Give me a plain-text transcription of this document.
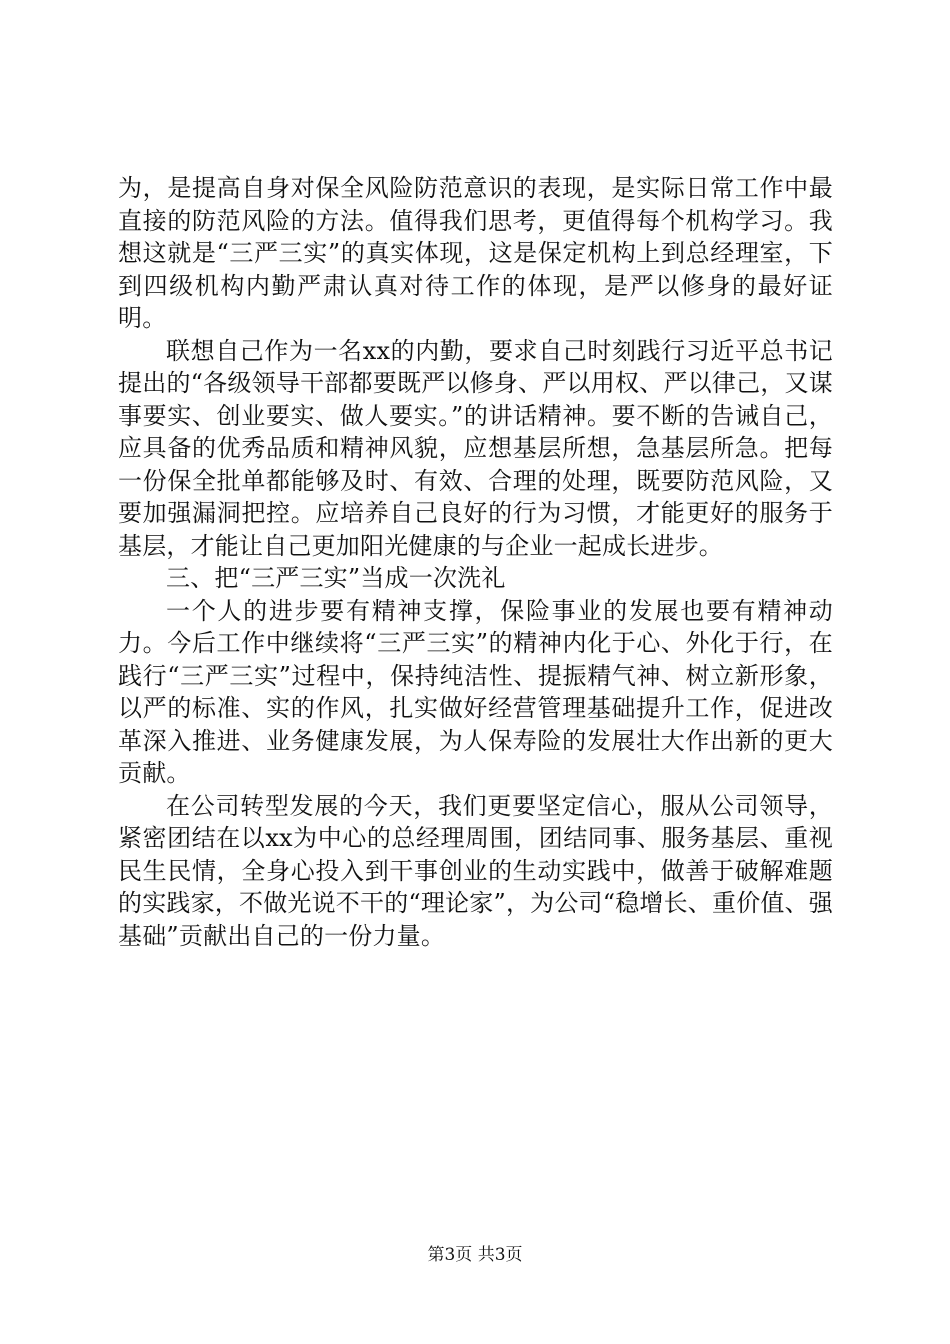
为，是提高自身对保全风险防范意识的表现，是实际日常工作中最直接的防范风险的方法。值得我们思考，更值得每个机构学习。我想这就是“三严三实”的真实体现，这是保定机构上到总经理室，下到四级机构内勤严肃认真对待工作的体现，是严以修身的最好证明。

联想自己作为一名xx的内勤，要求自己时刻践行习近平总书记提出的“各级领导干部都要既严以修身、严以用权、严以律己，又谋事要实、创业要实、做人要实。”的讲话精神。要不断的告诫自己，应具备的优秀品质和精神风貌，应想基层所想，急基层所急。把每一份保全批单都能够及时、有效、合理的处理，既要防范风险，又要加强漏洞把控。应培养自己良好的行为习惯，才能更好的服务于基层，才能让自己更加阳光健康的与企业一起成长进步。

三、把“三严三实”当成一次洗礼

一个人的进步要有精神支撑，保险事业的发展也要有精神动力。今后工作中继续将“三严三实”的精神内化于心、外化于行，在践行“三严三实”过程中，保持纯洁性、提振精气神、树立新形象，以严的标准、实的作风，扎实做好经营管理基础提升工作，促进改革深入推进、业务健康发展，为人保寿险的发展壮大作出新的更大贡献。

在公司转型发展的今天，我们更要坚定信心，服从公司领导，紧密团结在以xx为中心的总经理周围，团结同事、服务基层、重视民生民情，全身心投入到干事创业的生动实践中，做善于破解难题的实践家，不做光说不干的“理论家”，为公司“稳增长、重价值、强基础”贡献出自己的一份力量。

第3页 共3页
